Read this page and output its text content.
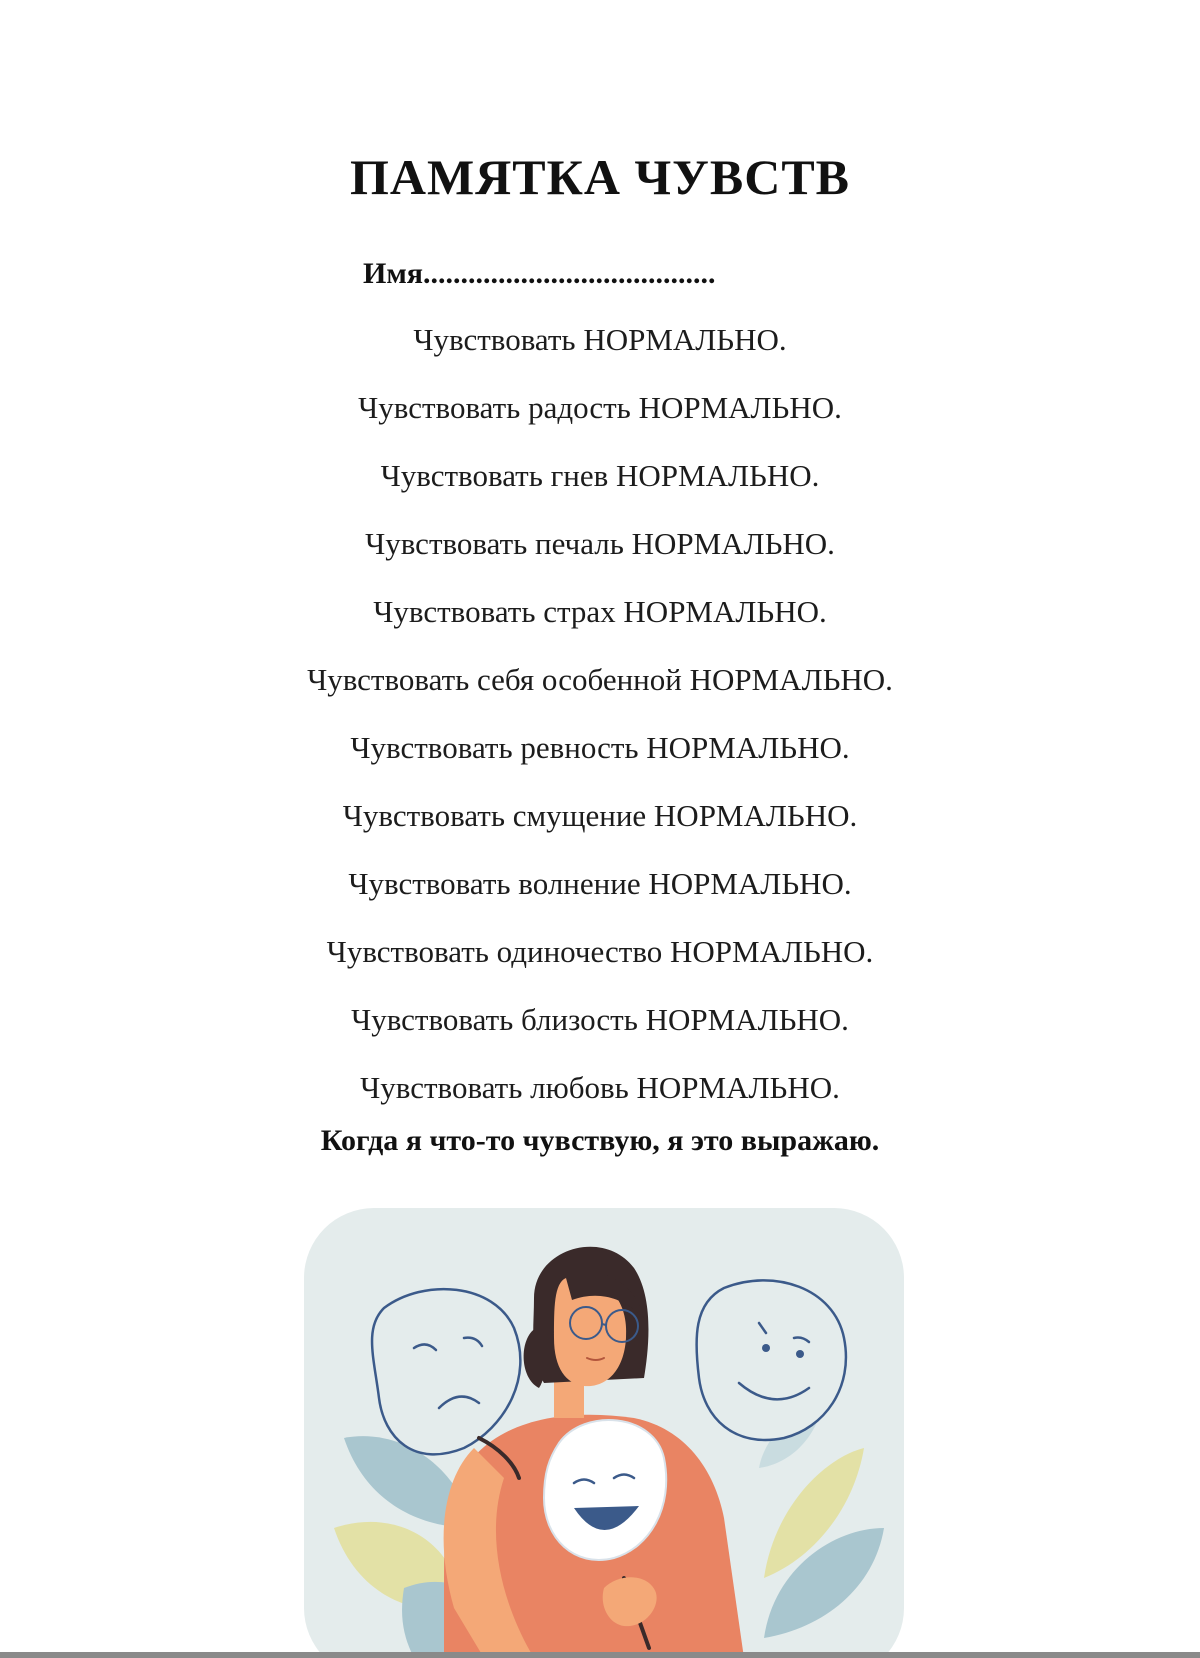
ПАМЯТКА ЧУВСТВ
Имя.......................................
Чувствовать НОРМАЛЬНО.
Чувствовать радость НОРМАЛЬНО.
Чувствовать гнев НОРМАЛЬНО.
Чувствовать печаль НОРМАЛЬНО.
Чувствовать страх НОРМАЛЬНО.
Чувствовать себя особенной НОРМАЛЬНО.
Чувствовать ревность НОРМАЛЬНО.
Чувствовать смущение НОРМАЛЬНО.
Чувствовать волнение НОРМАЛЬНО.
Чувствовать одиночество НОРМАЛЬНО.
Чувствовать близость НОРМАЛЬНО.
Чувствовать любовь НОРМАЛЬНО.
Когда я что-то чувствую, я это выражаю.
